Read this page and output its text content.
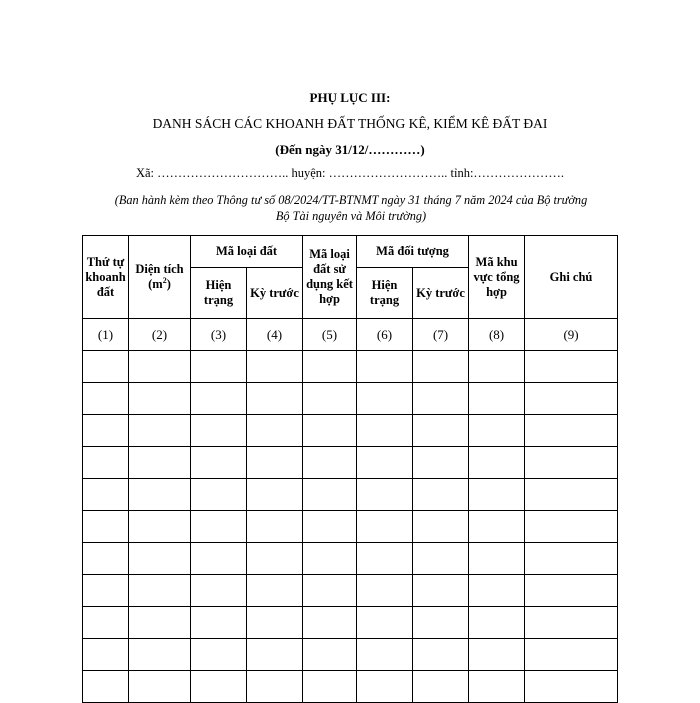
PHỤ LỤC III:
DANH SÁCH CÁC KHOANH ĐẤT THỐNG KÊ, KIỂM KÊ ĐẤT ĐAI
(Đến ngày 31/12/…………)
Xã: ………………………….. huyện: ……………………….. tỉnh:………………….
(Ban hành kèm theo Thông tư số 08/2024/TT-BTNMT ngày 31 tháng 7 năm 2024 của Bộ trưởng
Bộ Tài nguyên và Môi trường)
Thứ tự khoanh đất	Diện tích $(m^2)$	Mã loại đất		Mã loại đất sử dụng kết hợp	Mã đối tượng		Mã khu vực tổng hợp	Ghi chú
		Hiện trạng	Kỳ trước		Hiện trạng	Kỳ trước		
(1)	(2)	(3)	(4)	(5)	(6)	(7)	(8)	(9)
